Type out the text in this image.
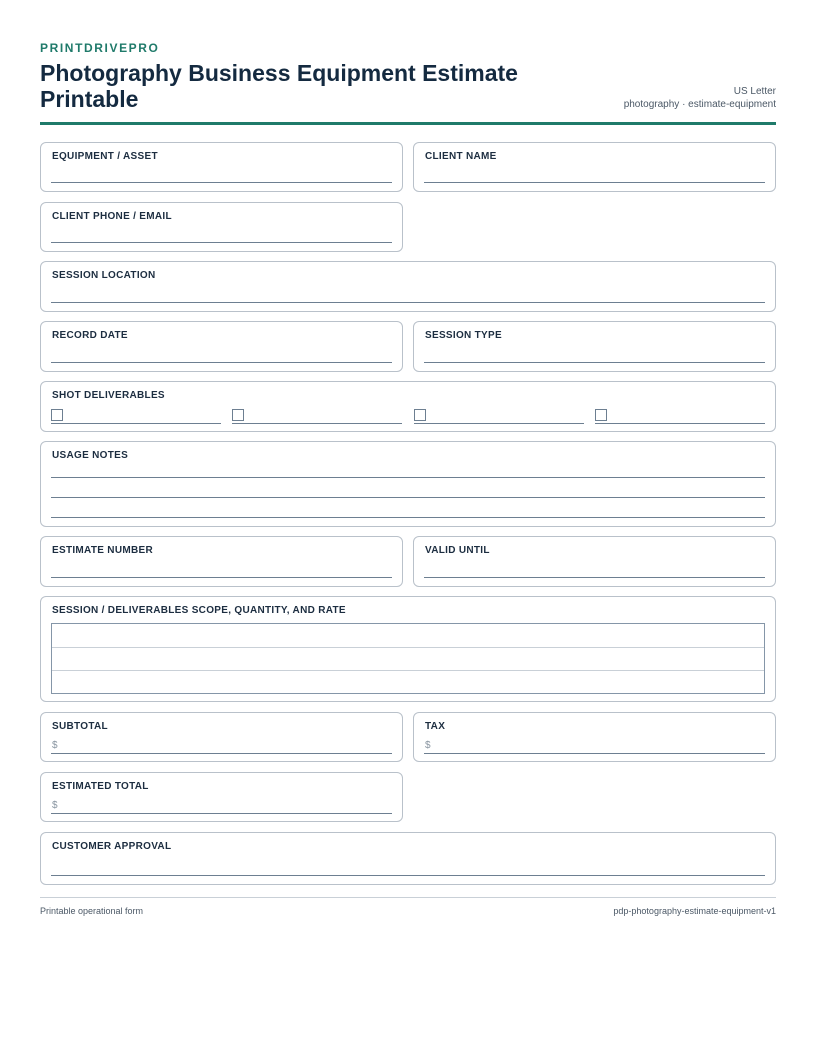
PRINTDRIVEPRO
Photography Business Equipment Estimate Printable	US Letter
photography · estimate-equipment
EQUIPMENT / ASSET	CLIENT NAME
CLIENT PHONE / EMAIL
SESSION LOCATION
RECORD DATE	SESSION TYPE
SHOT DELIVERABLES
USAGE NOTES
ESTIMATE NUMBER	VALID UNTIL
SESSION / DELIVERABLES SCOPE, QUANTITY, AND RATE
SUBTOTAL
$
TAX
$
ESTIMATED TOTAL
$
CUSTOMER APPROVAL
Printable operational form	pdp-photography-estimate-equipment-v1
